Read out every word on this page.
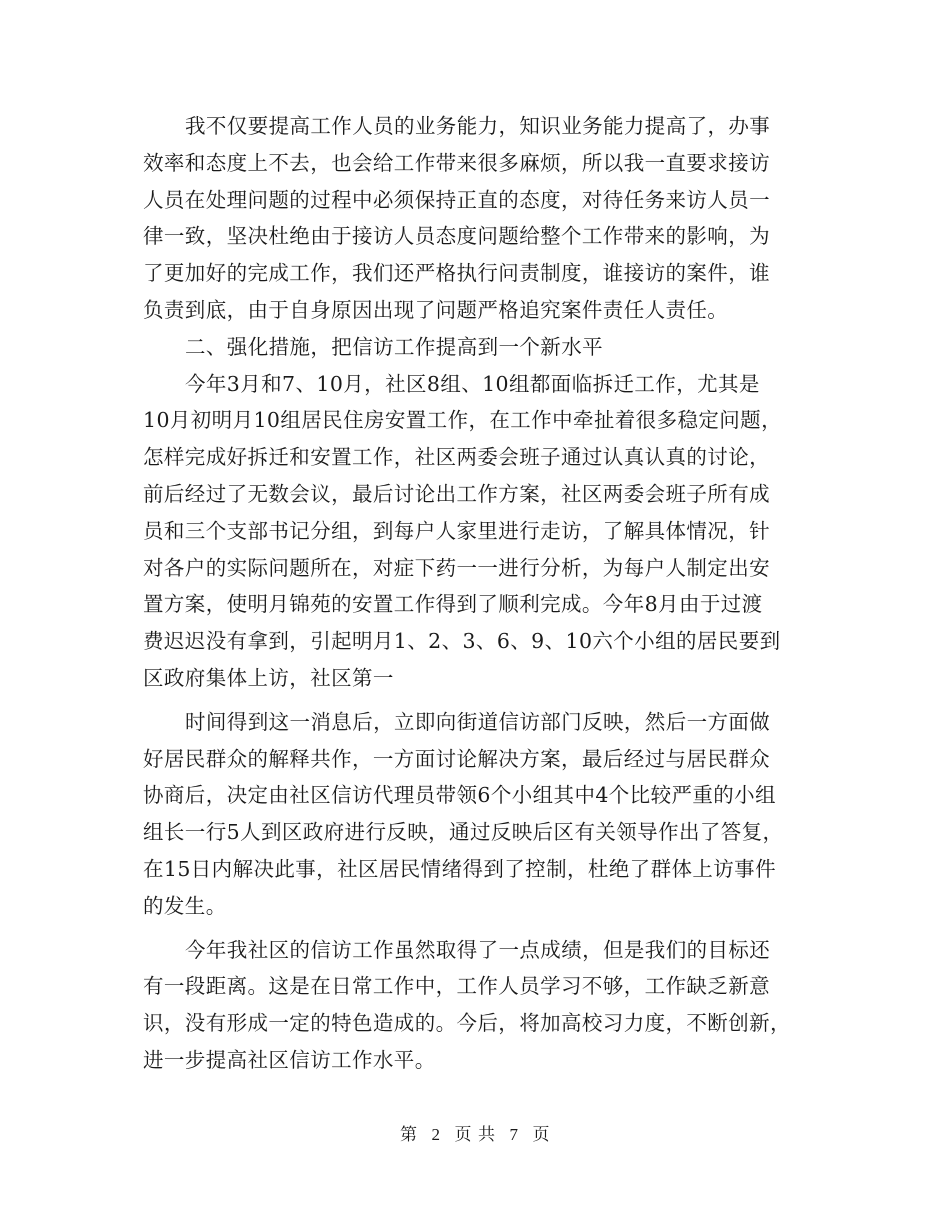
我不仅要提高工作人员的业务能力，知识业务能力提高了，办事
效率和态度上不去，也会给工作带来很多麻烦，所以我一直要求接访
人员在处理问题的过程中必须保持正直的态度，对待任务来访人员一
律一致，坚决杜绝由于接访人员态度问题给整个工作带来的影响，为
了更加好的完成工作，我们还严格执行问责制度，谁接访的案件，谁
负责到底，由于自身原因出现了问题严格追究案件责任人责任。
二、强化措施，把信访工作提高到一个新水平
今年3月和7、10月，社区8组、10组都面临拆迁工作，尤其是
10月初明月10组居民住房安置工作，在工作中牵扯着很多稳定问题，
怎样完成好拆迁和安置工作，社区两委会班子通过认真认真的讨论，
前后经过了无数会议，最后讨论出工作方案，社区两委会班子所有成
员和三个支部书记分组，到每户人家里进行走访，了解具体情况，针
对各户的实际问题所在，对症下药一一进行分析，为每户人制定出安
置方案，使明月锦苑的安置工作得到了顺利完成。今年8月由于过渡
费迟迟没有拿到，引起明月1、2、3、6、9、10六个小组的居民要到
区政府集体上访，社区第一
时间得到这一消息后，立即向街道信访部门反映，然后一方面做
好居民群众的解释共作，一方面讨论解决方案，最后经过与居民群众
协商后，决定由社区信访代理员带领6个小组其中4个比较严重的小组
组长一行5人到区政府进行反映，通过反映后区有关领导作出了答复，
在15日内解决此事，社区居民情绪得到了控制，杜绝了群体上访事件
的发生。
今年我社区的信访工作虽然取得了一点成绩，但是我们的目标还
有一段距离。这是在日常工作中，工作人员学习不够，工作缺乏新意
识，没有形成一定的特色造成的。今后，将加高校习力度，不断创新，
进一步提高社区信访工作水平。
第 2 页 共 7 页
